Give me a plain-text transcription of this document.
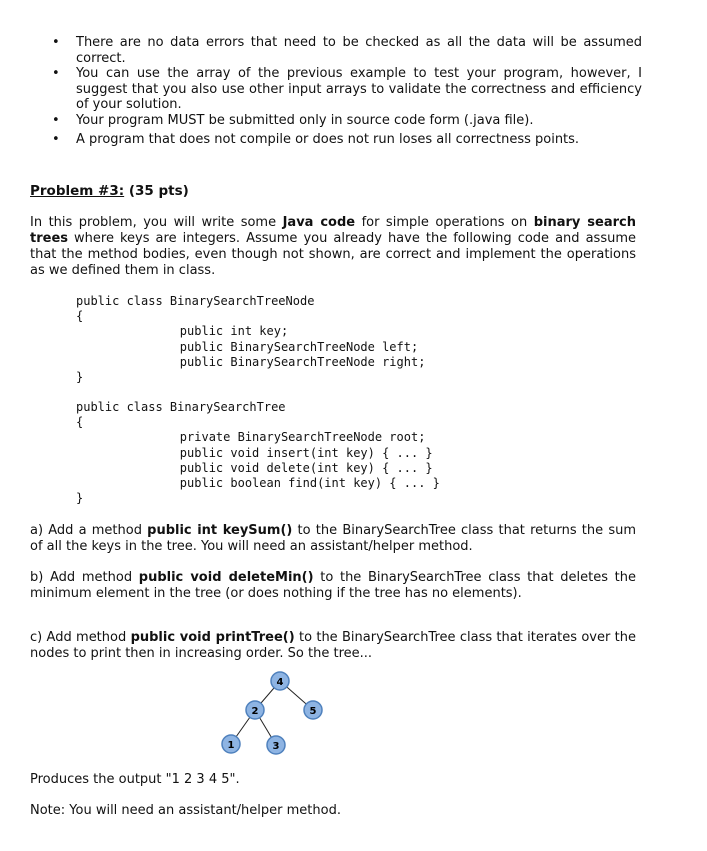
• There are no data errors that need to be checked as all the data will be assumed correct.
• You can use the array of the previous example to test your program, however, I suggest that you also use other input arrays to validate the correctness and efficiency of your solution.
• Your program MUST be submitted only in source code form (.java file).
• A program that does not compile or does not run loses all correctness points.
Problem #3: (35 pts)
In this problem, you will write some Java code for simple operations on binary search trees where keys are integers. Assume you already have the following code and assume that the method bodies, even though not shown, are correct and implement the operations as we defined them in class.
public class BinarySearchTreeNode
{
public int key;
public BinarySearchTreeNode left;
public BinarySearchTreeNode right;
}
public class BinarySearchTree
{
private BinarySearchTreeNode root;
public void insert(int key) { ... }
public void delete(int key) { ... }
public boolean find(int key) { ... }
}
a) Add a method public int keySum() to the BinarySearchTree class that returns the sum of all the keys in the tree. You will need an assistant/helper method.
b) Add method public void deleteMin() to the BinarySearchTree class that deletes the minimum element in the tree (or does nothing if the tree has no elements).
c) Add method public void printTree() to the BinarySearchTree class that iterates over the nodes to print then in increasing order. So the tree...
4
2	5
1	3
Produces the output "1 2 3 4 5".
Note: You will need an assistant/helper method.
